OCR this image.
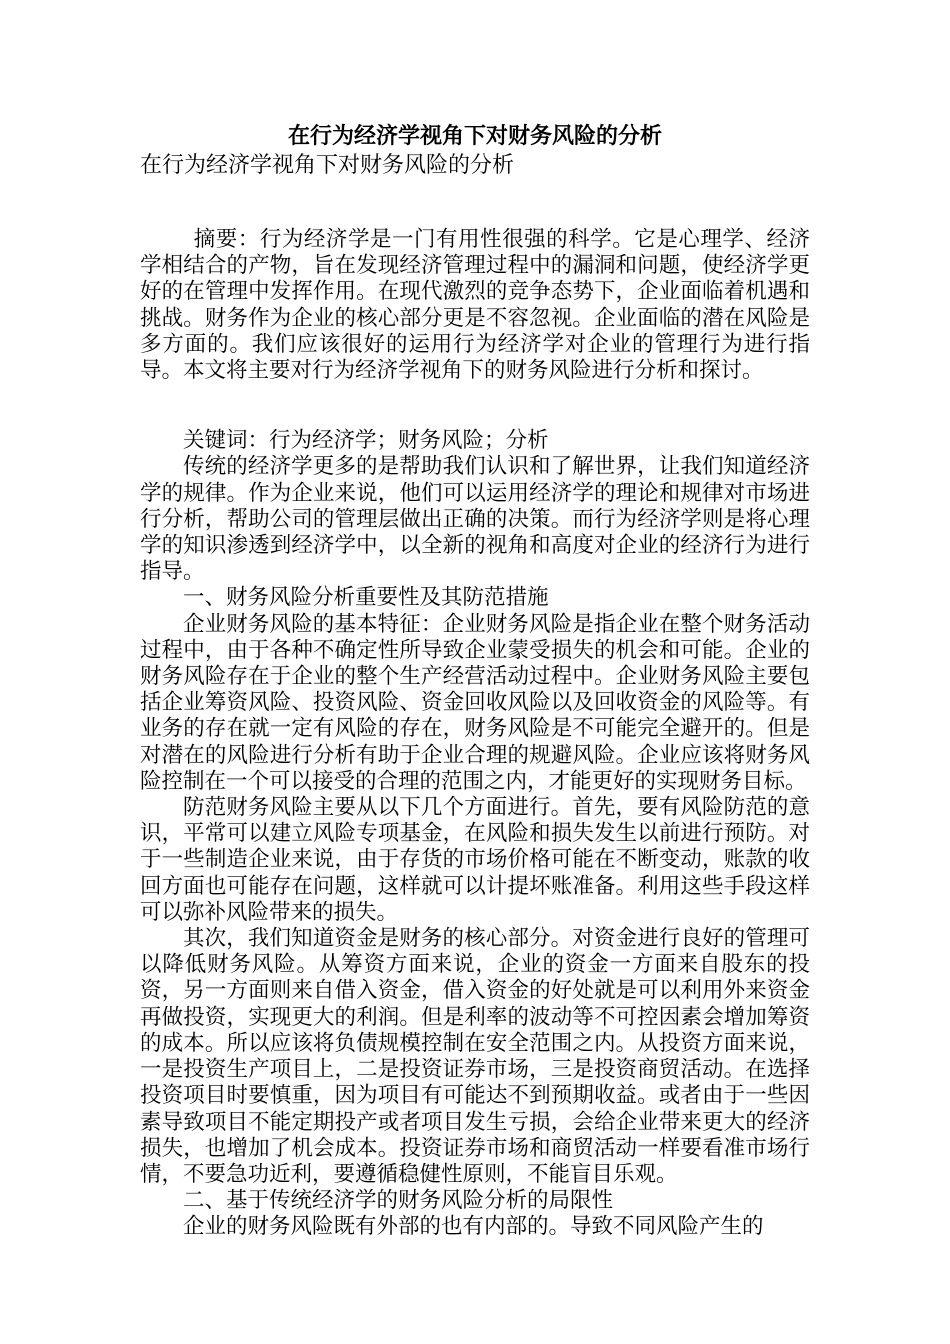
在行为经济学视角下对财务风险的分析

在行为经济学视角下对财务风险的分析

摘要：行为经济学是一门有用性很强的科学。它是心理学、经济学相结合的产物，旨在发现经济管理过程中的漏洞和问题，使经济学更好的在管理中发挥作用。在现代激烈的竞争态势下，企业面临着机遇和挑战。财务作为企业的核心部分更是不容忽视。企业面临的潜在风险是多方面的。我们应该很好的运用行为经济学对企业的管理行为进行指导。本文将主要对行为经济学视角下的财务风险进行分析和探讨。

关键词：行为经济学；财务风险；分析

传统的经济学更多的是帮助我们认识和了解世界，让我们知道经济学的规律。作为企业来说，他们可以运用经济学的理论和规律对市场进行分析，帮助公司的管理层做出正确的决策。而行为经济学则是将心理学的知识渗透到经济学中，以全新的视角和高度对企业的经济行为进行指导。

一、财务风险分析重要性及其防范措施

企业财务风险的基本特征：企业财务风险是指企业在整个财务活动过程中，由于各种不确定性所导致企业蒙受损失的机会和可能。企业的财务风险存在于企业的整个生产经营活动过程中。企业财务风险主要包括企业筹资风险、投资风险、资金回收风险以及回收资金的风险等。有业务的存在就一定有风险的存在，财务风险是不可能完全避开的。但是对潜在的风险进行分析有助于企业合理的规避风险。企业应该将财务风险控制在一个可以接受的合理的范围之内，才能更好的实现财务目标。

防范财务风险主要从以下几个方面进行。首先，要有风险防范的意识，平常可以建立风险专项基金，在风险和损失发生以前进行预防。对于一些制造企业来说，由于存货的市场价格可能在不断变动，账款的收回方面也可能存在问题，这样就可以计提坏账准备。利用这些手段这样可以弥补风险带来的损失。

其次，我们知道资金是财务的核心部分。对资金进行良好的管理可以降低财务风险。从筹资方面来说，企业的资金一方面来自股东的投资，另一方面则来自借入资金，借入资金的好处就是可以利用外来资金再做投资，实现更大的利润。但是利率的波动等不可控因素会增加筹资的成本。所以应该将负债规模控制在安全范围之内。从投资方面来说，一是投资生产项目上，二是投资证券市场，三是投资商贸活动。在选择投资项目时要慎重，因为项目有可能达不到预期收益。或者由于一些因素导致项目不能定期投产或者项目发生亏损，会给企业带来更大的经济损失，也增加了机会成本。投资证券市场和商贸活动一样要看准市场行情，不要急功近利，要遵循稳健性原则，不能盲目乐观。

二、基于传统经济学的财务风险分析的局限性

企业的财务风险既有外部的也有内部的。导致不同风险产生的
